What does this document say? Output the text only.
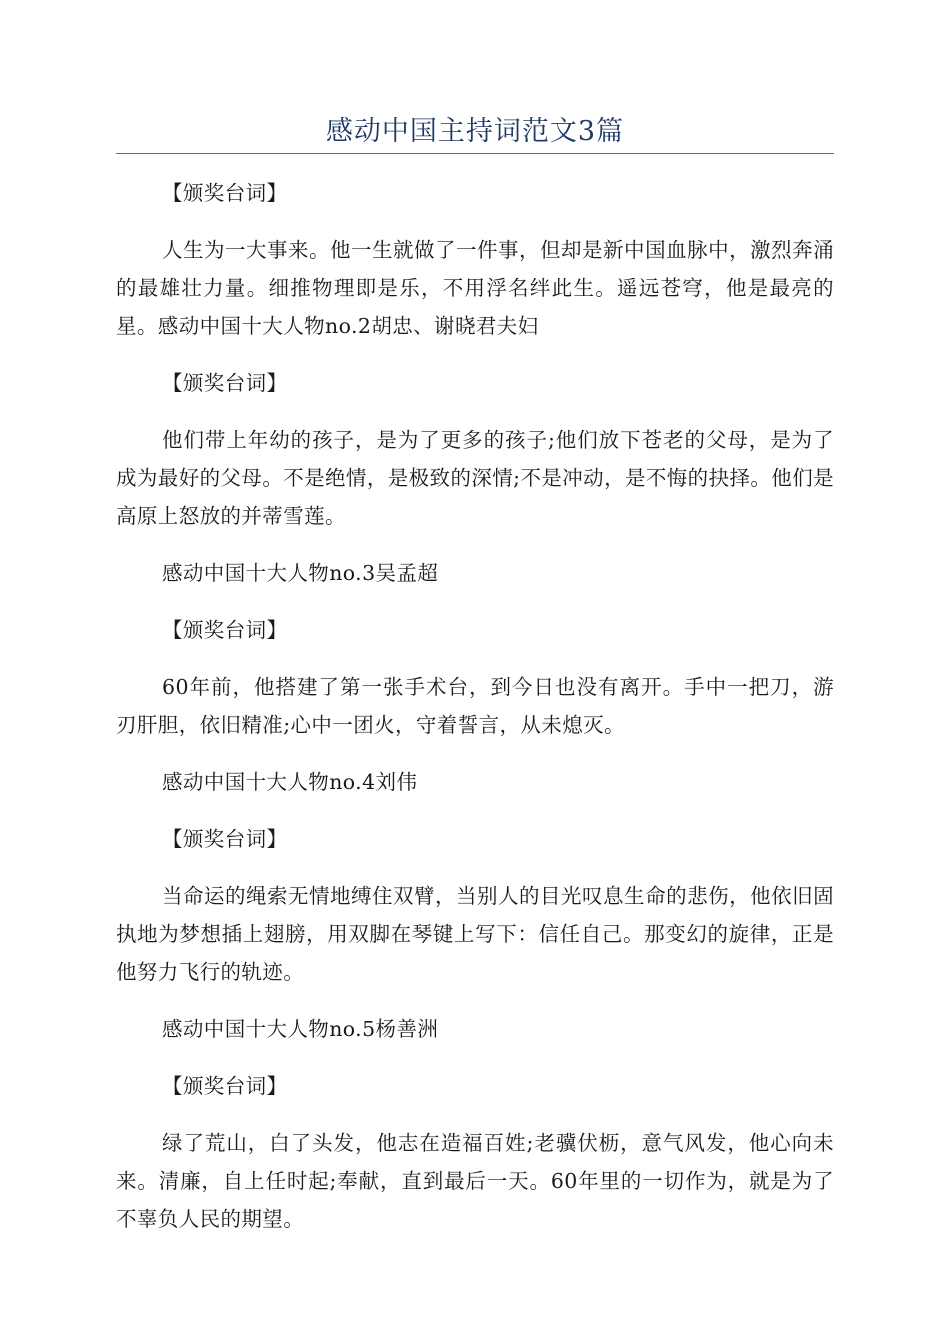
感动中国主持词范文3篇

【颁奖台词】

人生为一大事来。他一生就做了一件事，但却是新中国血脉中，激烈奔涌的最雄壮力量。细推物理即是乐，不用浮名绊此生。遥远苍穹，他是最亮的星。感动中国十大人物no.2胡忠、谢晓君夫妇

【颁奖台词】

他们带上年幼的孩子，是为了更多的孩子;他们放下苍老的父母，是为了成为最好的父母。不是绝情，是极致的深情;不是冲动，是不悔的抉择。他们是高原上怒放的并蒂雪莲。

感动中国十大人物no.3吴孟超

【颁奖台词】

60年前，他搭建了第一张手术台，到今日也没有离开。手中一把刀，游刃肝胆，依旧精准;心中一团火，守着誓言，从未熄灭。

感动中国十大人物no.4刘伟

【颁奖台词】

当命运的绳索无情地缚住双臂，当别人的目光叹息生命的悲伤，他依旧固执地为梦想插上翅膀，用双脚在琴键上写下：信任自己。那变幻的旋律，正是他努力飞行的轨迹。

感动中国十大人物no.5杨善洲

【颁奖台词】

绿了荒山，白了头发，他志在造福百姓;老骥伏枥，意气风发，他心向未来。清廉，自上任时起;奉献，直到最后一天。60年里的一切作为，就是为了不辜负人民的期望。
